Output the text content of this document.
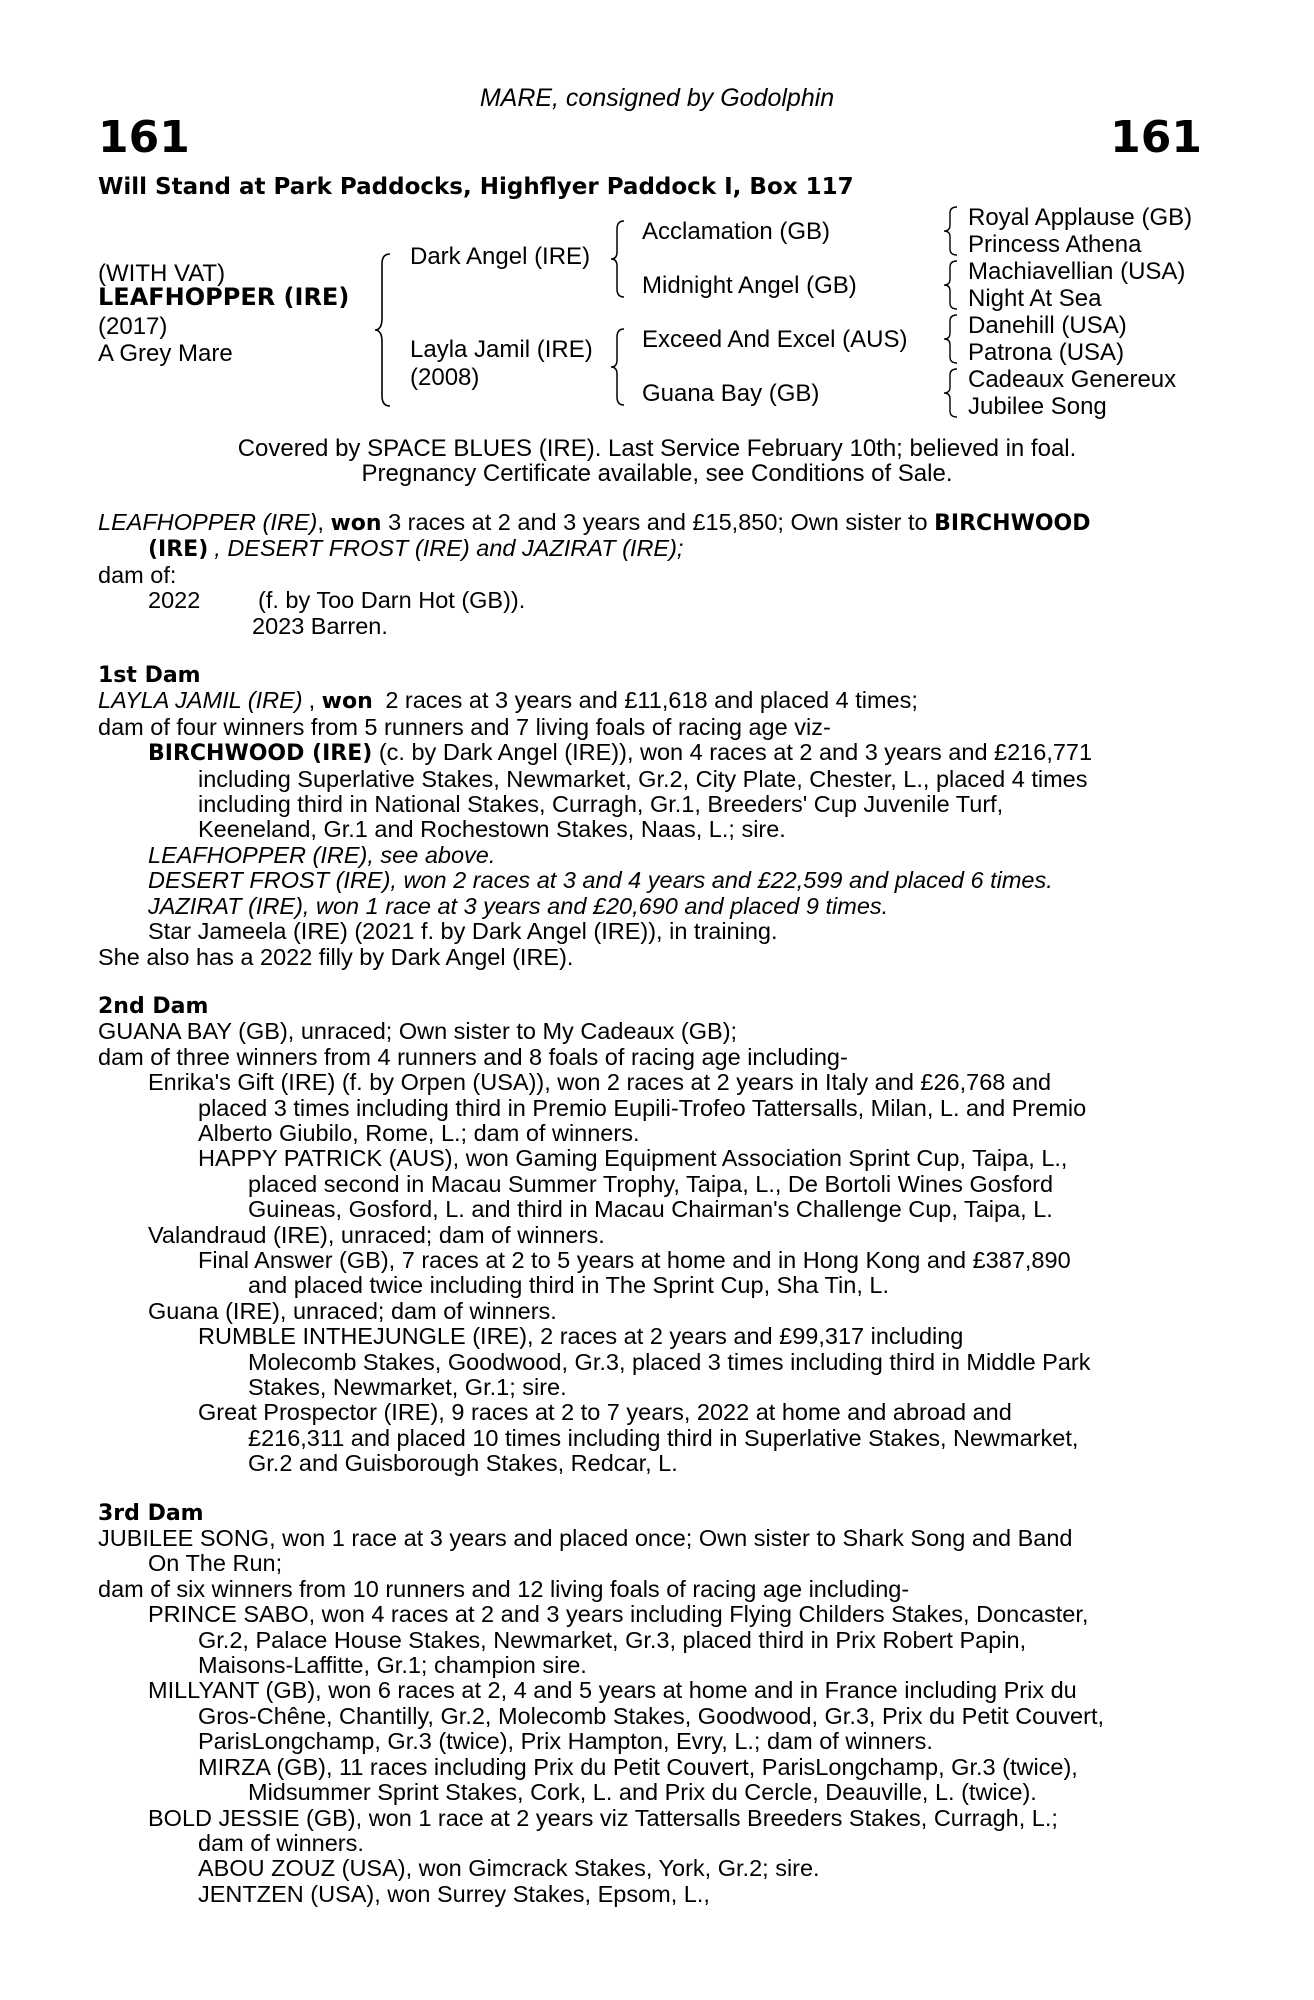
MARE, consigned by Godolphin
161	161
Will Stand at Park Paddocks, Highflyer Paddock I, Box 117
(WITH VAT)
LEAFHOPPER (IRE)
(2017)
A Grey Mare
Dark Angel (IRE)
Layla Jamil (IRE)
(2008)
Acclamation (GB)
Midnight Angel (GB)
Exceed And Excel (AUS)
Guana Bay (GB)
Royal Applause (GB)
Princess Athena
Machiavellian (USA)
Night At Sea
Danehill (USA)
Patrona (USA)
Cadeaux Genereux
Jubilee Song
Covered by SPACE BLUES (IRE). Last Service February 10th; believed in foal.
Pregnancy Certificate available, see Conditions of Sale.
LEAFHOPPER (IRE), won 3 races at 2 and 3 years and £15,850; Own sister to BIRCHWOOD
(IRE) , DESERT FROST (IRE) and JAZIRAT (IRE);
dam of:
2022	(f. by Too Darn Hot (GB)).
2023 Barren.
1st Dam
LAYLA JAMIL (IRE) , won 2 races at 3 years and £11,618 and placed 4 times;
dam of four winners from 5 runners and 7 living foals of racing age viz-
BIRCHWOOD (IRE) (c. by Dark Angel (IRE)), won 4 races at 2 and 3 years and £216,771
including Superlative Stakes, Newmarket, Gr.2, City Plate, Chester, L., placed 4 times
including third in National Stakes, Curragh, Gr.1, Breeders' Cup Juvenile Turf,
Keeneland, Gr.1 and Rochestown Stakes, Naas, L.; sire.
LEAFHOPPER (IRE), see above.
DESERT FROST (IRE), won 2 races at 3 and 4 years and £22,599 and placed 6 times.
JAZIRAT (IRE), won 1 race at 3 years and £20,690 and placed 9 times.
Star Jameela (IRE) (2021 f. by Dark Angel (IRE)), in training.
She also has a 2022 filly by Dark Angel (IRE).
2nd Dam
GUANA BAY (GB), unraced; Own sister to My Cadeaux (GB);
dam of three winners from 4 runners and 8 foals of racing age including-
Enrika's Gift (IRE) (f. by Orpen (USA)), won 2 races at 2 years in Italy and £26,768 and
placed 3 times including third in Premio Eupili-Trofeo Tattersalls, Milan, L. and Premio
Alberto Giubilo, Rome, L.; dam of winners.
HAPPY PATRICK (AUS), won Gaming Equipment Association Sprint Cup, Taipa, L.,
placed second in Macau Summer Trophy, Taipa, L., De Bortoli Wines Gosford
Guineas, Gosford, L. and third in Macau Chairman's Challenge Cup, Taipa, L.
Valandraud (IRE), unraced; dam of winners.
Final Answer (GB), 7 races at 2 to 5 years at home and in Hong Kong and £387,890
and placed twice including third in The Sprint Cup, Sha Tin, L.
Guana (IRE), unraced; dam of winners.
RUMBLE INTHEJUNGLE (IRE), 2 races at 2 years and £99,317 including
Molecomb Stakes, Goodwood, Gr.3, placed 3 times including third in Middle Park
Stakes, Newmarket, Gr.1; sire.
Great Prospector (IRE), 9 races at 2 to 7 years, 2022 at home and abroad and
£216,311 and placed 10 times including third in Superlative Stakes, Newmarket,
Gr.2 and Guisborough Stakes, Redcar, L.
3rd Dam
JUBILEE SONG, won 1 race at 3 years and placed once; Own sister to Shark Song and Band
On The Run;
dam of six winners from 10 runners and 12 living foals of racing age including-
PRINCE SABO, won 4 races at 2 and 3 years including Flying Childers Stakes, Doncaster,
Gr.2, Palace House Stakes, Newmarket, Gr.3, placed third in Prix Robert Papin,
Maisons-Laffitte, Gr.1; champion sire.
MILLYANT (GB), won 6 races at 2, 4 and 5 years at home and in France including Prix du
Gros-Chêne, Chantilly, Gr.2, Molecomb Stakes, Goodwood, Gr.3, Prix du Petit Couvert,
ParisLongchamp, Gr.3 (twice), Prix Hampton, Evry, L.; dam of winners.
MIRZA (GB), 11 races including Prix du Petit Couvert, ParisLongchamp, Gr.3 (twice),
Midsummer Sprint Stakes, Cork, L. and Prix du Cercle, Deauville, L. (twice).
BOLD JESSIE (GB), won 1 race at 2 years viz Tattersalls Breeders Stakes, Curragh, L.;
dam of winners.
ABOU ZOUZ (USA), won Gimcrack Stakes, York, Gr.2; sire.
JENTZEN (USA), won Surrey Stakes, Epsom, L.,
